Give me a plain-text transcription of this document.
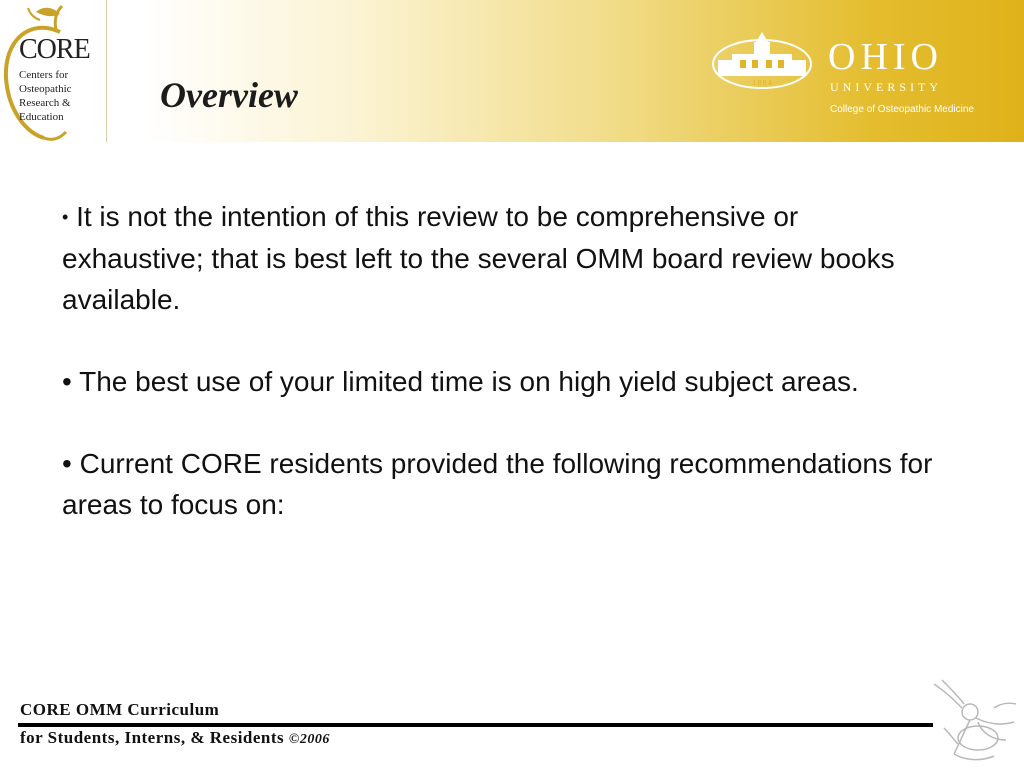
CORE
Centers for
Osteopathic
Research &
Education
Overview	1 8 0 4
OHIO
UNIVERSITY
College of Osteopathic Medicine

• It is not the intention of this review to be comprehensive or exhaustive; that is best left to the several OMM board review books available.

• The best use of your limited time is on high yield subject areas.

• Current CORE residents provided the following recommendations for areas to focus on:

CORE OMM Curriculum
for Students, Interns, & Residents ©2006
